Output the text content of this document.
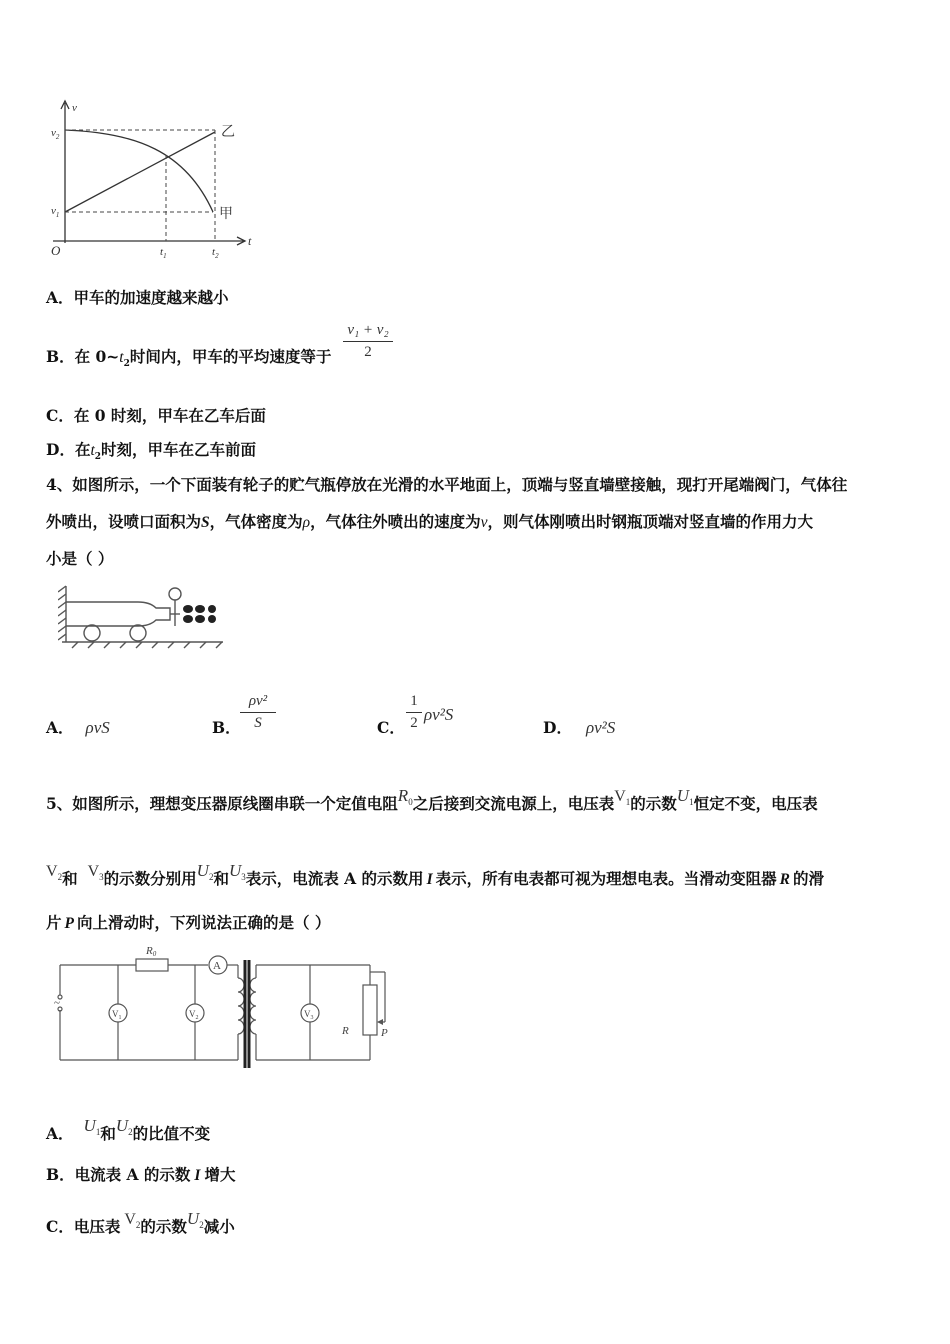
v
t
O
$v_2$
$v_1$
$t_1$	$t_2$
乙
甲
A．甲车的加速度越来越小
B．在 $0\sim t_2$时间内，甲车的平均速度等于
v₁ + v₂
2
C．在 0 时刻，甲车在乙车后面
D．在$t_2$时刻，甲车在乙车前面
4、如图所示，一个下面装有轮子的贮气瓶停放在光滑的水平地面上，顶端与竖直墙壁接触，现打开尾端阀门，气体往
外喷出，设喷口面积为S，气体密度为ρ，气体往外喷出的速度为v，则气体刚喷出时钢瓶顶端对竖直墙的作用力大
小是（ ）
A． ρvS	B．
ρv²
S	C．
1
2 ρv²S
D． ρv²S
5、如图所示，理想变压器原线圈串联一个定值电阻$R^0$之后接到交流电源上，电压表$V^1$的示数$U^1$恒定不变，电压表
$V^2$和 $V^3$的示数分别用$U^2$和$U^3$表示，电流表 A 的示数用 I 表示，所有电表都可视为理想电表。当滑动变阻器 R 的滑
片 P 向上滑动时，下列说法正确的是（ ）
~
R0
A
$V_1$	$V_2$	$V_3$
R	P
A． $U^1$和$U^2$的比值不变
B．电流表 A 的示数 I 增大
C．电压表 $V^2$的示数$U^2$减小
